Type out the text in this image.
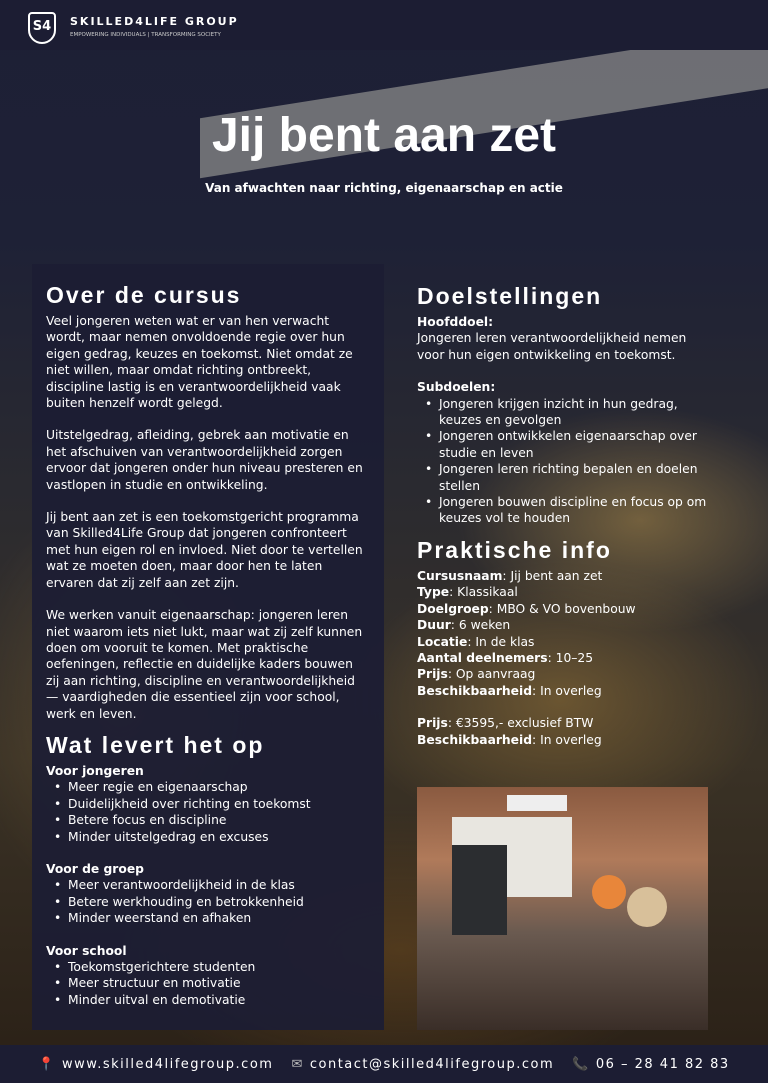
S4	SKILLED4LIFE GROUP
EMPOWERING INDIVIDUALS | TRANSFORMING SOCIETY
Jij bent aan zet
Van afwachten naar richting, eigenaarschap en actie
Over de cursus

Veel jongeren weten wat er van hen verwacht wordt, maar nemen onvoldoende regie over hun eigen gedrag, keuzes en toekomst. Niet omdat ze niet willen, maar omdat richting ontbreekt, discipline lastig is en verantwoordelijkheid vaak buiten henzelf wordt gelegd.

Uitstelgedrag, afleiding, gebrek aan motivatie en het afschuiven van verantwoordelijkheid zorgen ervoor dat jongeren onder hun niveau presteren en vastlopen in studie en ontwikkeling.

Jij bent aan zet is een toekomstgericht programma van Skilled4Life Group dat jongeren confronteert met hun eigen rol en invloed. Niet door te vertellen wat ze moeten doen, maar door hen te laten ervaren dat zij zelf aan zet zijn.

We werken vanuit eigenaarschap: jongeren leren niet waarom iets niet lukt, maar wat zij zelf kunnen doen om vooruit te komen. Met praktische oefeningen, reflectie en duidelijke kaders bouwen zij aan richting, discipline en verantwoordelijkheid — vaardigheden die essentieel zijn voor school, werk en leven.

Wat levert het op
Voor jongeren
• Meer regie en eigenaarschap
• Duidelijkheid over richting en toekomst
• Betere focus en discipline
• Minder uitstelgedrag en excuses
Voor de groep
• Meer verantwoordelijkheid in de klas
• Betere werkhouding en betrokkenheid
• Minder weerstand en afhaken
Voor school
• Toekomstgerichtere studenten
• Meer structuur en motivatie
• Minder uitval en demotivatie
Doelstellingen
Hoofddoel:

Jongeren leren verantwoordelijkheid nemen voor hun eigen ontwikkeling en toekomst.

Subdoelen:
• Jongeren krijgen inzicht in hun gedrag, keuzes en gevolgen
• Jongeren ontwikkelen eigenaarschap over studie en leven
• Jongeren leren richting bepalen en doelen stellen
• Jongeren bouwen discipline en focus op om keuzes vol te houden
Praktische info
Cursusnaam: Jij bent aan zet
Type: Klassikaal
Doelgroep: MBO & VO bovenbouw
Duur: 6 weken
Locatie: In de klas
Aantal deelnemers: 10–25
Prijs: Op aanvraag
Beschikbaarheid: In overleg
Prijs: €3595,- exclusief BTW
Beschikbaarheid: In overleg
📍 www.skilled4lifegroup.com ✉ contact@skilled4lifegroup.com 📞 06 – 28 41 82 83
